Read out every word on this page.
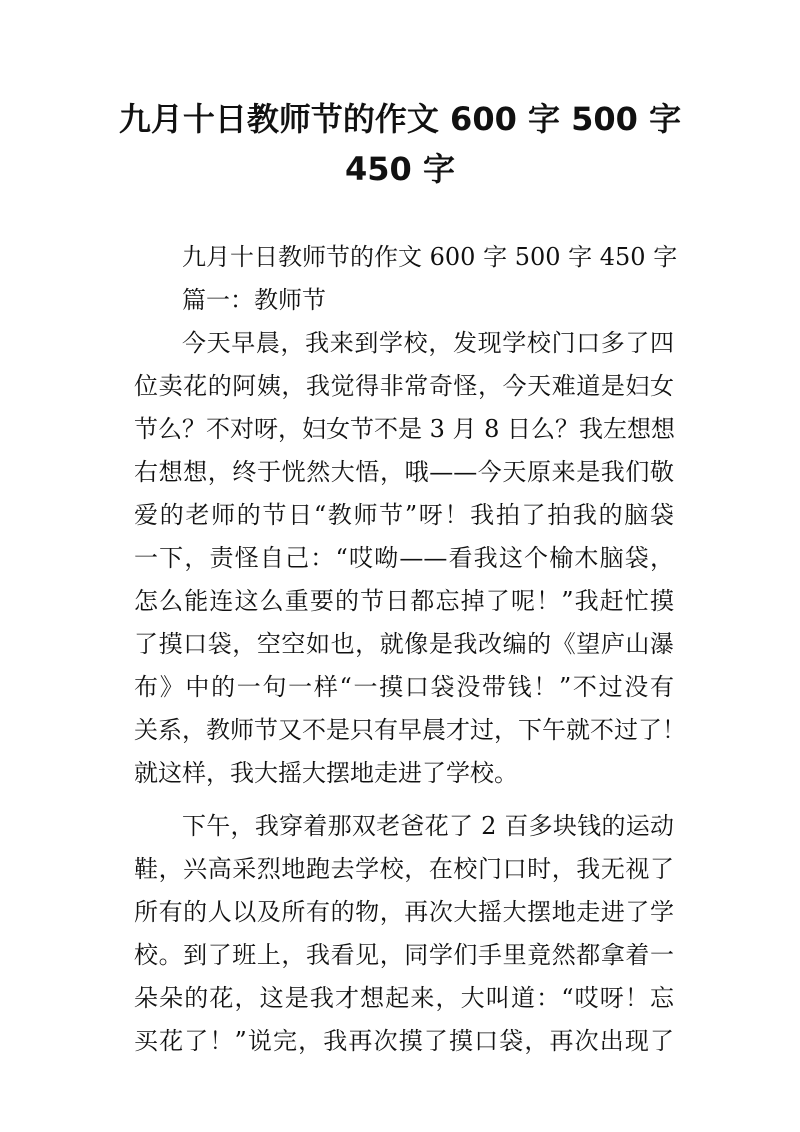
九月十日教师节的作文 600 字 500 字
450 字
九月十日教师节的作文 600 字 500 字 450 字
篇一：教师节
今天早晨，我来到学校，发现学校门口多了四
位卖花的阿姨，我觉得非常奇怪，今天难道是妇女
节么？不对呀，妇女节不是 3 月 8 日么？我左想想
右想想，终于恍然大悟，哦——今天原来是我们敬
爱的老师的节日“教师节”呀！我拍了拍我的脑袋
一下，责怪自己：“哎呦——看我这个榆木脑袋，
怎么能连这么重要的节日都忘掉了呢！”我赶忙摸
了摸口袋，空空如也，就像是我改编的《望庐山瀑
布》中的一句一样“一摸口袋没带钱！”不过没有
关系，教师节又不是只有早晨才过，下午就不过了！
就这样，我大摇大摆地走进了学校。
下午，我穿着那双老爸花了 2 百多块钱的运动
鞋，兴高采烈地跑去学校，在校门口时，我无视了
所有的人以及所有的物，再次大摇大摆地走进了学
校。到了班上，我看见，同学们手里竟然都拿着一
朵朵的花，这是我才想起来，大叫道：“哎呀！忘
买花了！”说完，我再次摸了摸口袋，再次出现了
